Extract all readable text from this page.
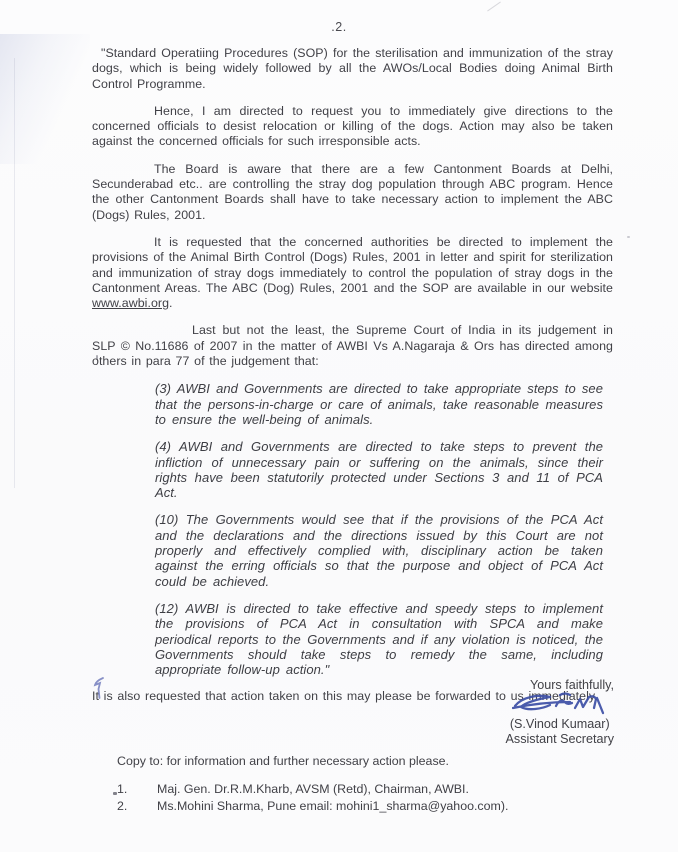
.2.

"Standard Operatiing Procedures (SOP) for the sterilisation and immunization of the stray dogs, which is being widely followed by all the AWOs/Local Bodies doing Animal Birth Control Programme.

Hence, I am directed to request you to immediately give directions to the concerned officials to desist relocation or killing of the dogs. Action may also be taken against the concerned officials for such irresponsible acts.

The Board is aware that there are a few Cantonment Boards at Delhi, Secunderabad etc.. are controlling the stray dog population through ABC program. Hence the other Cantonment Boards shall have to take necessary action to implement the ABC (Dogs) Rules, 2001.

It is requested that the concerned authorities be directed to implement the provisions of the Animal Birth Control (Dogs) Rules, 2001 in letter and spirit for sterilization and immunization of stray dogs immediately to control the population of stray dogs in the Cantonment Areas. The ABC (Dog) Rules, 2001 and the SOP are available in our website www.awbi.org.

Last but not the least, the Supreme Court of India in its judgement in SLP © No.11686 of 2007 in the matter of AWBI Vs A.Nagaraja & Ors has directed among others in para 77 of the judgement that:

(3) AWBI and Governments are directed to take appropriate steps to see that the persons-in-charge or care of animals, take reasonable measures to ensure the well-being of animals.
(4) AWBI and Governments are directed to take steps to prevent the infliction of unnecessary pain or suffering on the animals, since their rights have been statutorily protected under Sections 3 and 11 of PCA Act.
(10) The Governments would see that if the provisions of the PCA Act and the declarations and the directions issued by this Court are not properly and effectively complied with, disciplinary action be taken against the erring officials so that the purpose and object of PCA Act could be achieved.
(12) AWBI is directed to take effective and speedy steps to implement the provisions of PCA Act in consultation with SPCA and make periodical reports to the Governments and if any violation is noticed, the Governments should take steps to remedy the same, including appropriate follow-up action."

It is also requested that action taken on this may please be forwarded to us immediately.

Yours faithfully,
(S.Vinod Kumaar)
Assistant Secretary

Copy to: for information and further necessary action please.

1.	Maj. Gen. Dr.R.M.Kharb, AVSM (Retd), Chairman, AWBI.
2.	Ms.Mohini Sharma, Pune email: mohini1_sharma@yahoo.com).
